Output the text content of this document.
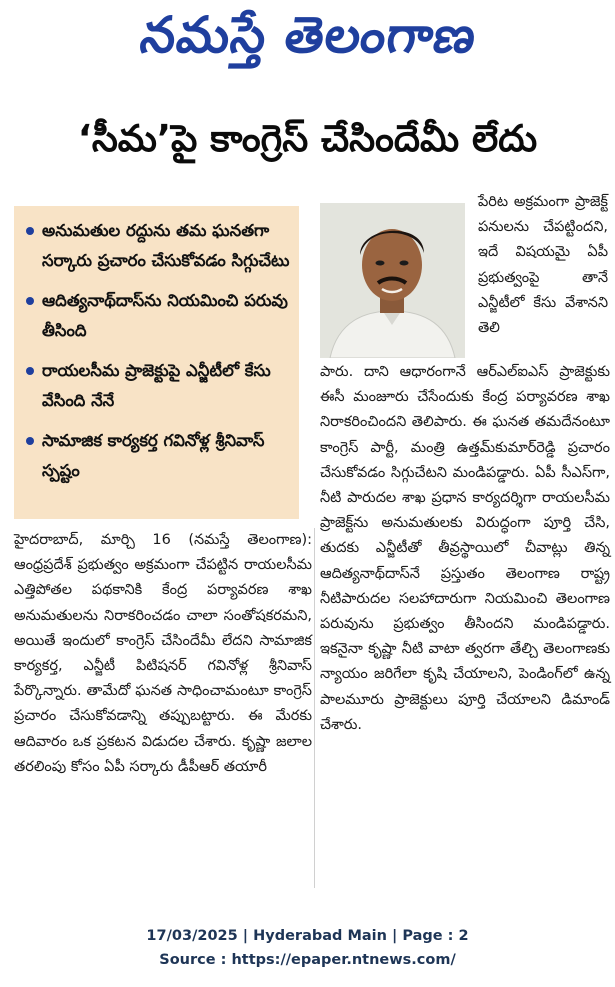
నమస్తే తెలంగాణ
‘సీమ’పై కాంగ్రెస్‌ చేసిందేమీ లేదు
అనుమతుల రద్దును తమ ఘనతగా సర్కారు ప్రచారం చేసుకోవడం సిగ్గుచేటు
ఆదిత్యనాథ్‌దాస్‌ను నియమించి పరువు తీసింది
రాయలసీమ ప్రాజెక్టుపై ఎన్జీటీలో కేసు వేసింది నేనే
సామాజిక కార్యకర్త గవినోళ్ల శ్రీనివాస్‌ స్పష్టం
పేరిట అక్రమంగా ప్రాజెక్ట్‌ పనులను చేపట్టిందని, ఇదే విషయమై ఏపీ ప్రభుత్వంపై తానే ఎన్జీటీలో కేసు వేశానని తెలి
పారు. దాని ఆధారంగానే ఆర్‌ఎల్‌ఐఎస్‌ ప్రాజెక్టుకు ఈసీ మంజూరు చేసేందుకు కేంద్ర పర్యావరణ శాఖ నిరాకరించిందని తెలిపారు. ఈ ఘనత తమదేనంటూ కాంగ్రెస్‌ పార్టీ, మంత్రి ఉత్తమ్‌కుమార్‌రెడ్డి ప్రచారం చేసుకోవడం సిగ్గుచేటని మండిపడ్డారు. ఏపీ సీఎస్‌గా, నీటి పారుదల శాఖ ప్రధాన కార్యదర్శిగా రాయలసీమ ప్రాజెక్ట్‌ను అనుమతులకు విరుద్ధంగా పూర్తి చేసి, తుదకు ఎన్జీటీతో తీవ్రస్థాయిలో చీవాట్లు తిన్న ఆదిత్యనాథ్‌దాస్‌నే ప్రస్తుతం తెలంగాణ రాష్ట్ర నీటిపారుదల సలహాదారుగా నియమించి తెలంగాణ పరువును ప్రభుత్వం తీసిందని మండిపడ్డారు. ఇకనైనా కృష్ణా నీటి వాటా త్వరగా తేల్చి తెలంగాణకు న్యాయం జరిగేలా కృషి చేయాలని, పెండింగ్‌లో ఉన్న పాలమూరు ప్రాజెక్టులు పూర్తి చేయాలని డిమాండ్‌ చేశారు.
హైదరాబాద్‌, మార్చి 16 (నమస్తే తెలంగాణ): ఆంధ్రప్రదేశ్‌ ప్రభుత్వం అక్రమంగా చేపట్టిన రాయలసీమ ఎత్తిపోతల పథకానికి కేంద్ర పర్యావరణ శాఖ అనుమతులను నిరాకరించడం చాలా సంతోషకరమని, అయితే ఇందులో కాంగ్రెస్‌ చేసిందేమీ లేదని సామాజిక కార్యకర్త, ఎన్జీటీ పిటిషనర్‌ గవినోళ్ల శ్రీనివాస్‌ పేర్కొన్నారు. తామేదో ఘనత సాధించామంటూ కాంగ్రెస్‌ ప్రచారం చేసుకోవడాన్ని తప్పుబట్టారు. ఈ మేరకు ఆదివారం ఒక ప్రకటన విడుదల చేశారు. కృష్ణా జలాల తరలింపు కోసం ఏపీ సర్కారు డీపీఆర్‌ తయారీ
17/03/2025 | Hyderabad Main | Page : 2
Source : https://epaper.ntnews.com/
